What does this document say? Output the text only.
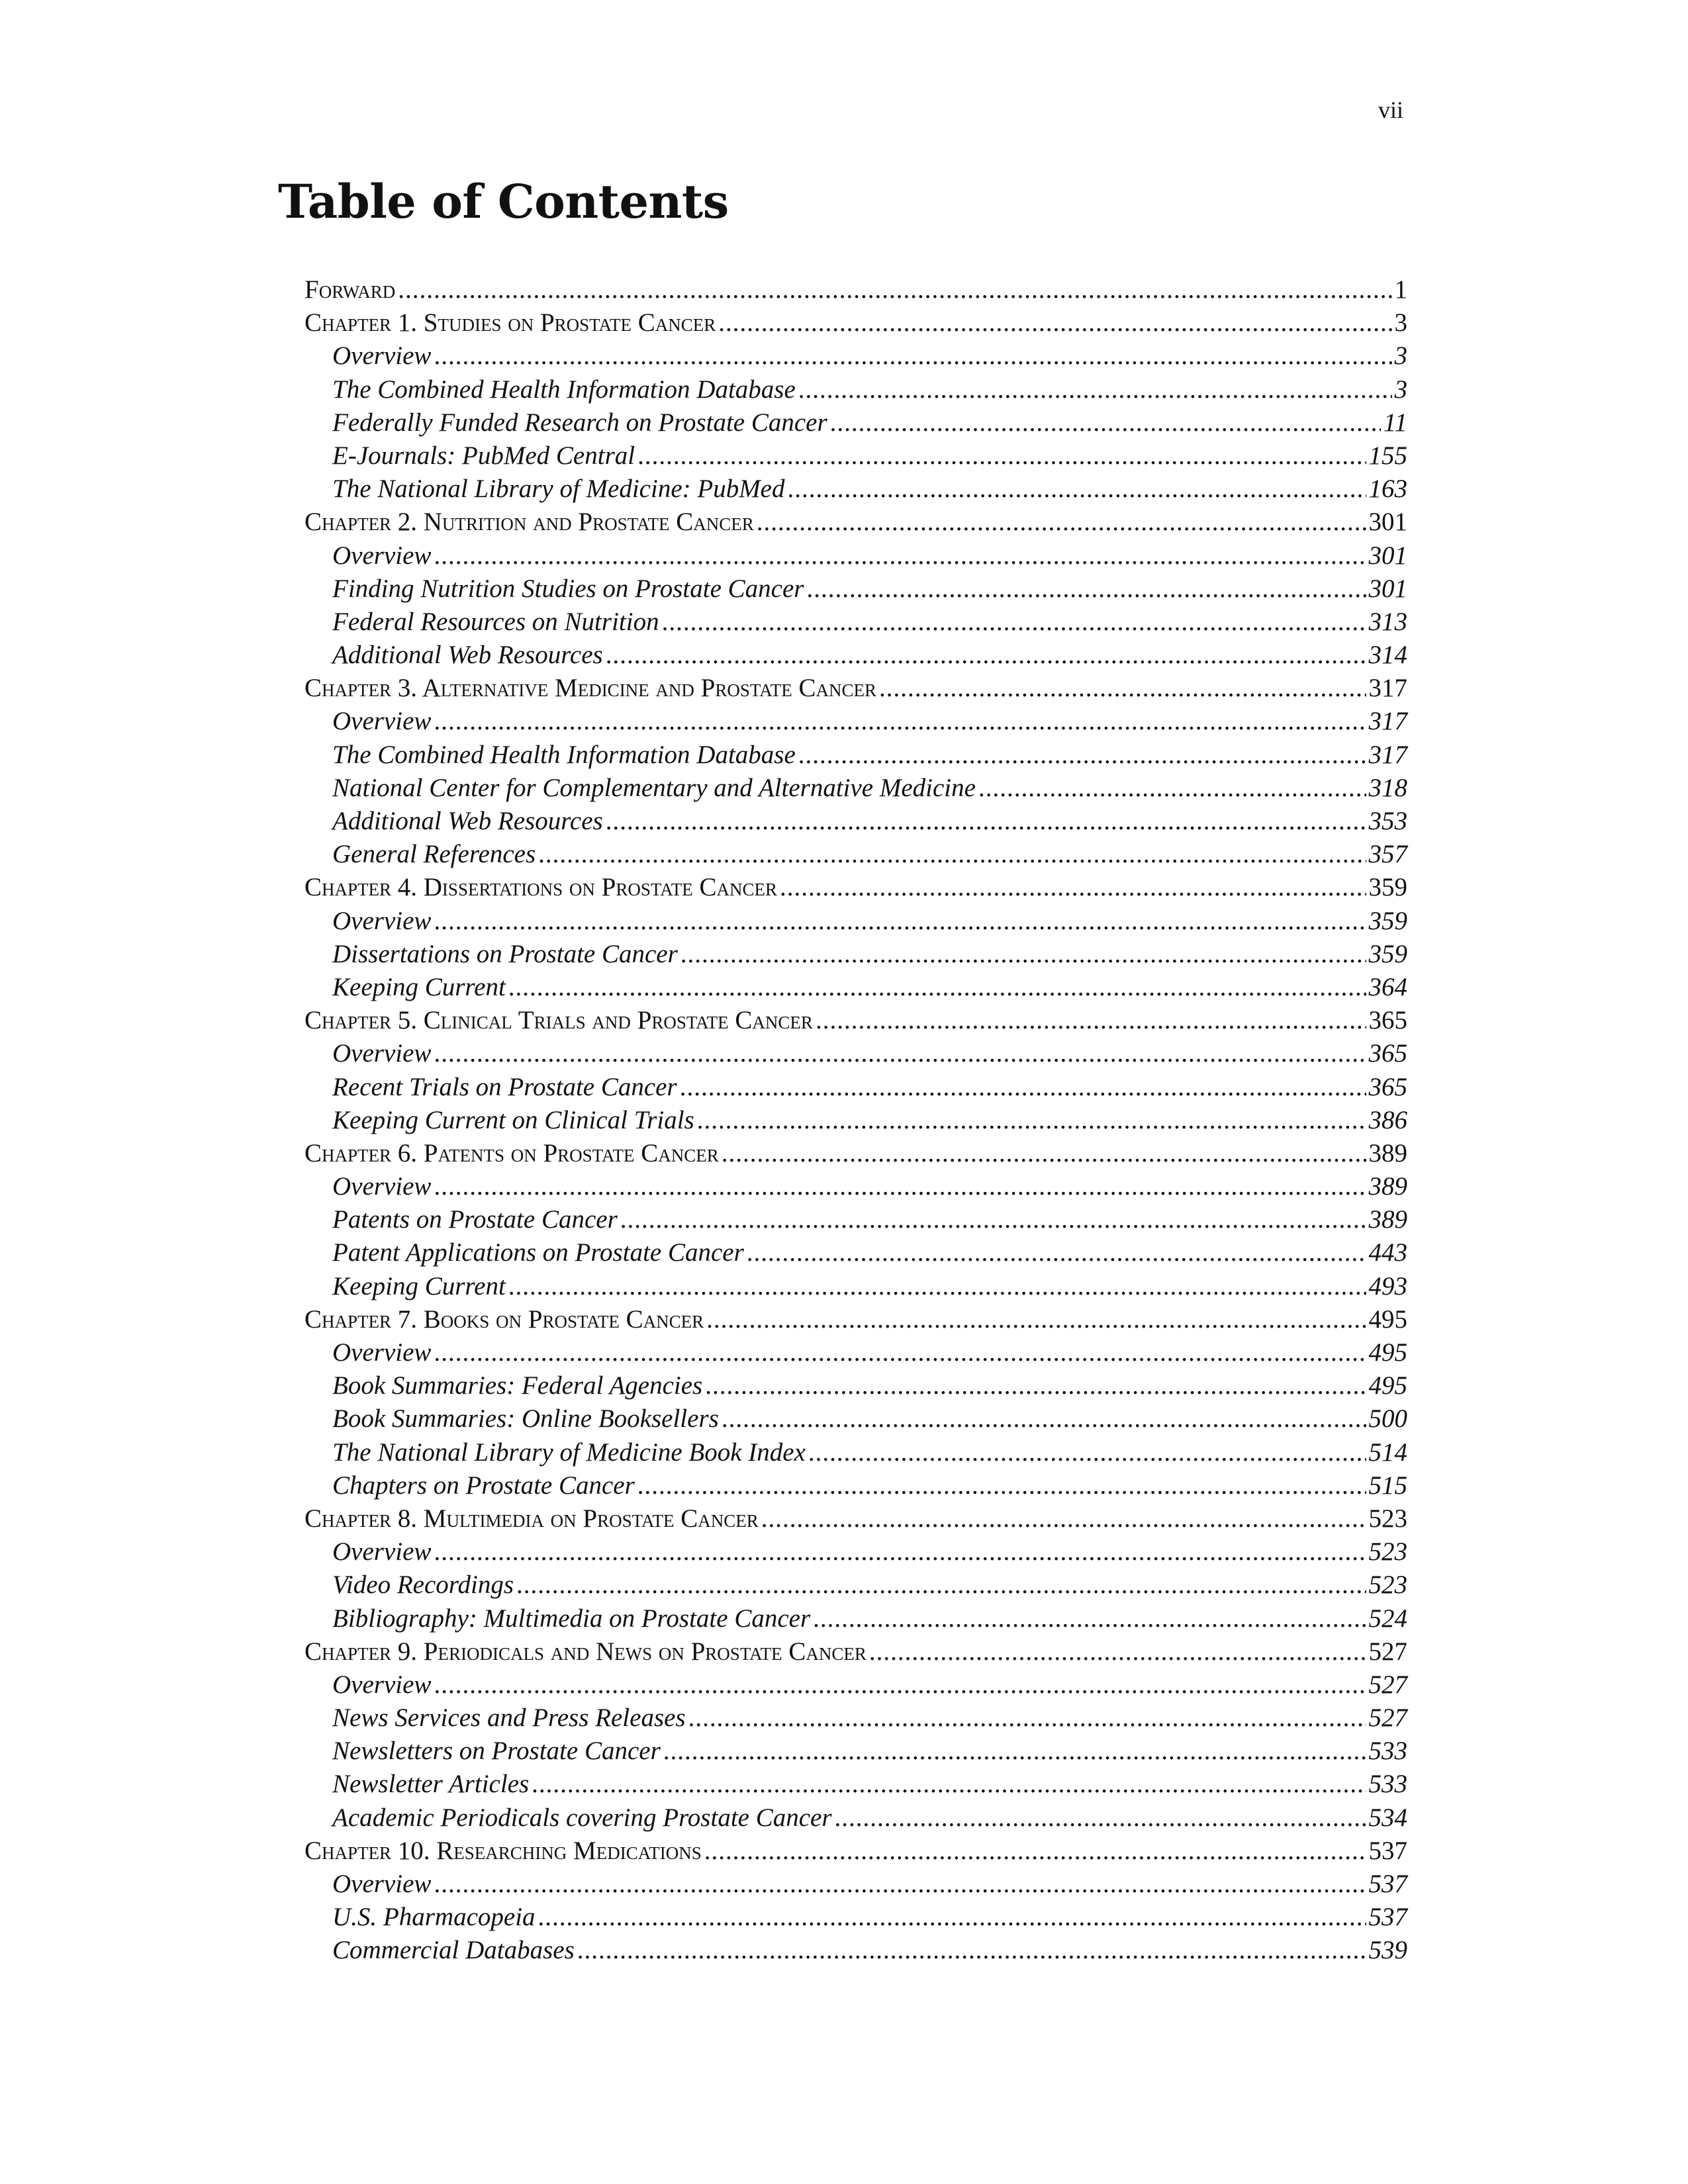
vii
Table of Contents
Forward .....	1
Chapter 1. Studies on Prostate Cancer .....	3
Overview .....	3
The Combined Health Information Database .....	3
Federally Funded Research on Prostate Cancer .....	11
E-Journals: PubMed Central .....	155
The National Library of Medicine: PubMed .....	163
Chapter 2. Nutrition and Prostate Cancer .....	301
Overview .....	301
Finding Nutrition Studies on Prostate Cancer .....	301
Federal Resources on Nutrition .....	313
Additional Web Resources .....	314
Chapter 3. Alternative Medicine and Prostate Cancer .....	317
Overview .....	317
The Combined Health Information Database .....	317
National Center for Complementary and Alternative Medicine .....	318
Additional Web Resources .....	353
General References .....	357
Chapter 4. Dissertations on Prostate Cancer .....	359
Overview .....	359
Dissertations on Prostate Cancer .....	359
Keeping Current .....	364
Chapter 5. Clinical Trials and Prostate Cancer .....	365
Overview .....	365
Recent Trials on Prostate Cancer .....	365
Keeping Current on Clinical Trials .....	386
Chapter 6. Patents on Prostate Cancer .....	389
Overview .....	389
Patents on Prostate Cancer .....	389
Patent Applications on Prostate Cancer .....	443
Keeping Current .....	493
Chapter 7. Books on Prostate Cancer .....	495
Overview .....	495
Book Summaries: Federal Agencies .....	495
Book Summaries: Online Booksellers .....	500
The National Library of Medicine Book Index .....	514
Chapters on Prostate Cancer .....	515
Chapter 8. Multimedia on Prostate Cancer .....	523
Overview .....	523
Video Recordings .....	523
Bibliography: Multimedia on Prostate Cancer .....	524
Chapter 9. Periodicals and News on Prostate Cancer .....	527
Overview .....	527
News Services and Press Releases .....	527
Newsletters on Prostate Cancer .....	533
Newsletter Articles .....	533
Academic Periodicals covering Prostate Cancer .....	534
Chapter 10. Researching Medications .....	537
Overview .....	537
U.S. Pharmacopeia .....	537
Commercial Databases .....	539
